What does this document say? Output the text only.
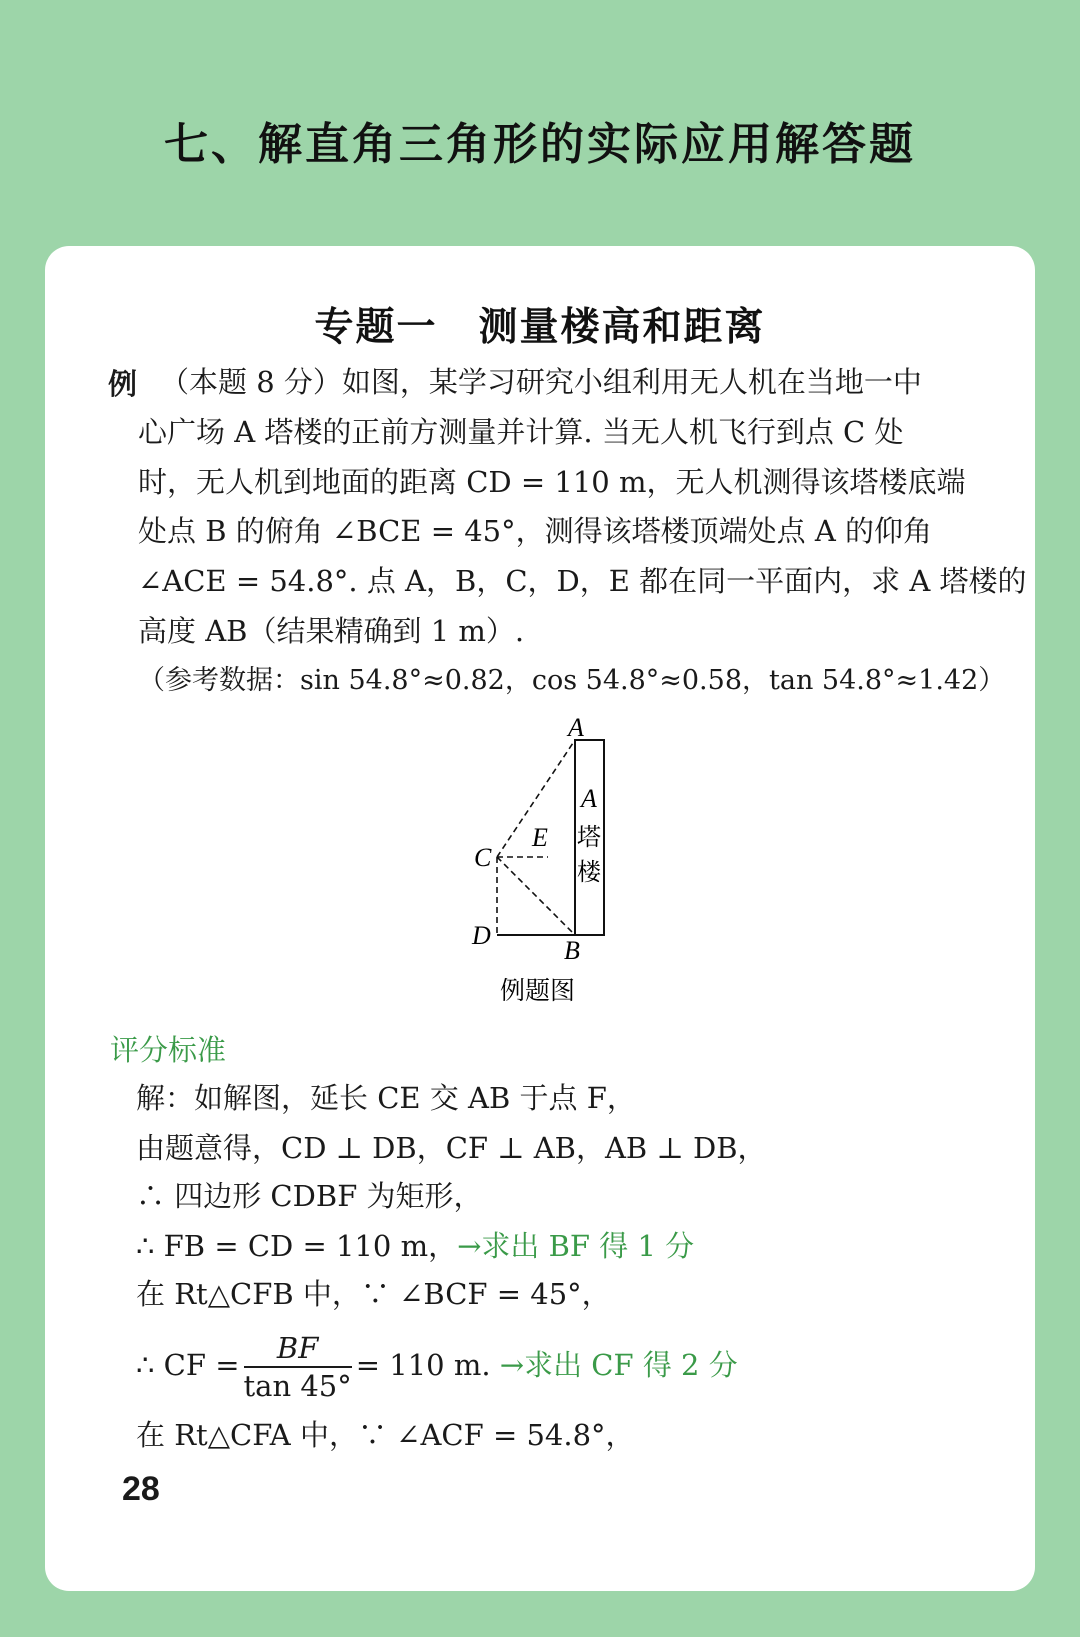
七、解直角三角形的实际应用解答题
专题一　测量楼高和距离
例 （本题 8 分）如图，某学习研究小组利用无人机在当地一中
心广场 A 塔楼的正前方测量并计算. 当无人机飞行到点 C 处
时，无人机到地面的距离 CD = 110 m，无人机测得该塔楼底端
处点 B 的俯角 ∠BCE = 45°，测得该塔楼顶端处点 A 的仰角
∠ACE = 54.8°. 点 A，B，C，D，E 都在同一平面内，求 A 塔楼的
高度 AB（结果精确到 1 m）.
（参考数据：sin 54.8°≈0.82，cos 54.8°≈0.58，tan 54.8°≈1.42）
A
C
E
D
B
A
塔
楼
例题图
评分标准
解：如解图，延长 CE 交 AB 于点 F，
由题意得，CD ⊥ DB，CF ⊥ AB，AB ⊥ DB，
∴ 四边形 CDBF 为矩形，
∴ FB = CD = 110 m，→求出 BF 得 1 分
在 Rt△CFB 中，∵ ∠BCF = 45°，
∴ CF = $\frac{BF}{\tan 45^\circ} = 110$ m. →求出 CF 得 2 分
在 Rt△CFA 中，∵ ∠ACF = 54.8°，
28
